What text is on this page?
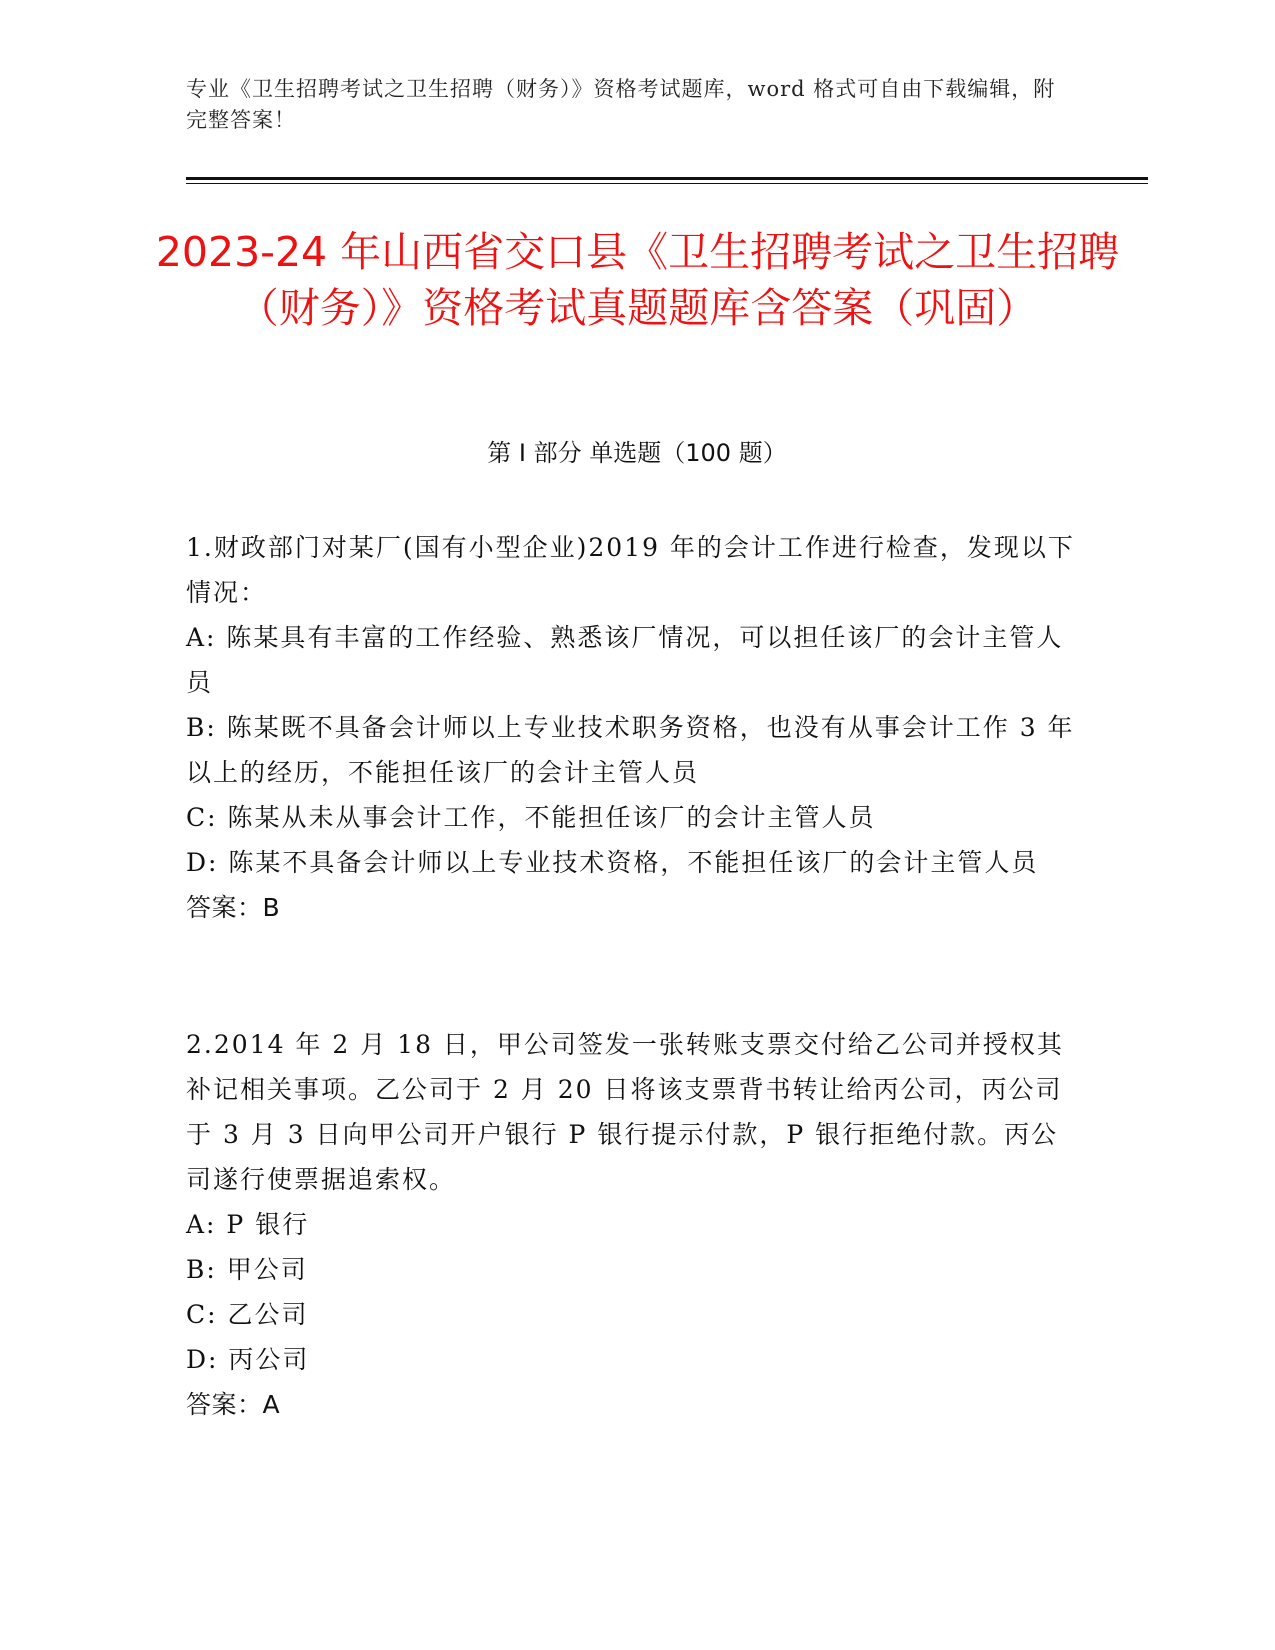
专业《卫生招聘考试之卫生招聘（财务）》资格考试题库，word 格式可自由下载编辑，附完整答案！
2023-24 年山西省交口县《卫生招聘考试之卫生招聘（财务）》资格考试真题题库含答案（巩固）
第 I 部分 单选题（100 题）

1.财政部门对某厂(国有小型企业)2019 年的会计工作进行检查，发现以下情况：

A: 陈某具有丰富的工作经验、熟悉该厂情况，可以担任该厂的会计主管人员

B: 陈某既不具备会计师以上专业技术职务资格，也没有从事会计工作 3 年以上的经历，不能担任该厂的会计主管人员

C: 陈某从未从事会计工作，不能担任该厂的会计主管人员

D: 陈某不具备会计师以上专业技术资格，不能担任该厂的会计主管人员

答案：B

2.2014 年 2 月 18 日，甲公司签发一张转账支票交付给乙公司并授权其补记相关事项。乙公司于 2 月 20 日将该支票背书转让给丙公司，丙公司于 3 月 3 日向甲公司开户银行 P 银行提示付款，P 银行拒绝付款。丙公司遂行使票据追索权。

A: P 银行

B: 甲公司

C: 乙公司

D: 丙公司

答案：A
